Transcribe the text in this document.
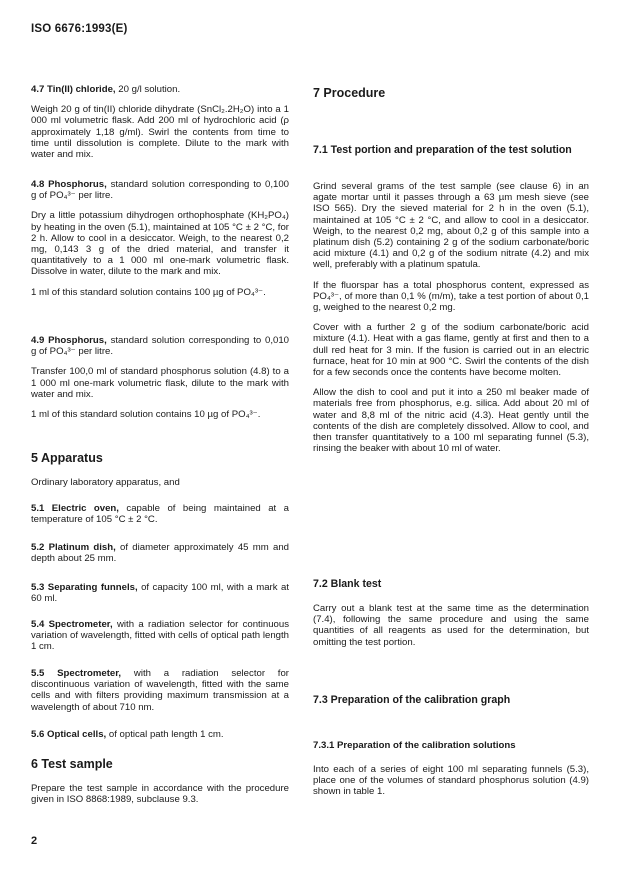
ISO 6676:1993(E)

4.7 Tin(II) chloride, 20 g/l solution.

Weigh 20 g of tin(II) chloride dihydrate (SnCl₂.2H₂O) into a 1 000 ml volumetric flask. Add 200 ml of hydrochloric acid (ρ approximately 1,18 g/ml). Swirl the contents from time to time until dissolution is complete. Dilute to the mark with water and mix.

4.8 Phosphorus, standard solution corresponding to 0,100 g of PO₄³⁻ per litre.

Dry a little potassium dihydrogen orthophosphate (KH₂PO₄) by heating in the oven (5.1), maintained at 105 °C ± 2 °C, for 2 h. Allow to cool in a desiccator. Weigh, to the nearest 0,2 mg, 0,143 3 g of the dried material, and transfer it quantitatively to a 1 000 ml one-mark volumetric flask. Dissolve in water, dilute to the mark and mix.

1 ml of this standard solution contains 100 µg of PO₄³⁻.

4.9 Phosphorus, standard solution corresponding to 0,010 g of PO₄³⁻ per litre.

Transfer 100,0 ml of standard phosphorus solution (4.8) to a 1 000 ml one-mark volumetric flask, dilute to the mark with water and mix.

1 ml of this standard solution contains 10 µg of PO₄³⁻.

5 Apparatus

Ordinary laboratory apparatus, and

5.1 Electric oven, capable of being maintained at a temperature of 105 °C ± 2 °C.

5.2 Platinum dish, of diameter approximately 45 mm and depth about 25 mm.

5.3 Separating funnels, of capacity 100 ml, with a mark at 60 ml.

5.4 Spectrometer, with a radiation selector for continuous variation of wavelength, fitted with cells of optical path length 1 cm.

5.5 Spectrometer, with a radiation selector for discontinuous variation of wavelength, fitted with the same cells and with filters providing maximum transmission at a wavelength of about 710 nm.

5.6 Optical cells, of optical path length 1 cm.

6 Test sample

Prepare the test sample in accordance with the procedure given in ISO 8868:1989, subclause 9.3.

7 Procedure
7.1 Test portion and preparation of the test solution

Grind several grams of the test sample (see clause 6) in an agate mortar until it passes through a 63 µm mesh sieve (see ISO 565). Dry the sieved material for 2 h in the oven (5.1), maintained at 105 °C ± 2 °C, and allow to cool in a desiccator. Weigh, to the nearest 0,2 mg, about 0,2 g of this sample into a platinum dish (5.2) containing 2 g of the sodium carbonate/boric acid mixture (4.1) and 0,2 g of the sodium nitrate (4.2) and mix well, preferably with a platinum spatula.

If the fluorspar has a total phosphorus content, expressed as PO₄³⁻, of more than 0,1 % (m/m), take a test portion of about 0,1 g, weighed to the nearest 0,2 mg.

Cover with a further 2 g of the sodium carbonate/boric acid mixture (4.1). Heat with a gas flame, gently at first and then to a dull red heat for 3 min. If the fusion is carried out in an electric furnace, heat for 10 min at 900 °C. Swirl the contents of the dish for a few seconds once the contents have become molten.

Allow the dish to cool and put it into a 250 ml beaker made of materials free from phosphorus, e.g. silica. Add about 20 ml of water and 8,8 ml of the nitric acid (4.3). Heat gently until the contents of the dish are completely dissolved. Allow to cool, and then transfer quantitatively to a 100 ml separating funnel (5.3), rinsing the beaker with about 10 ml of water.

7.2 Blank test

Carry out a blank test at the same time as the determination (7.4), following the same procedure and using the same quantities of all reagents as used for the determination, but omitting the test portion.

7.3 Preparation of the calibration graph
7.3.1 Preparation of the calibration solutions

Into each of a series of eight 100 ml separating funnels (5.3), place one of the volumes of standard phosphorus solution (4.9) shown in table 1.

2
